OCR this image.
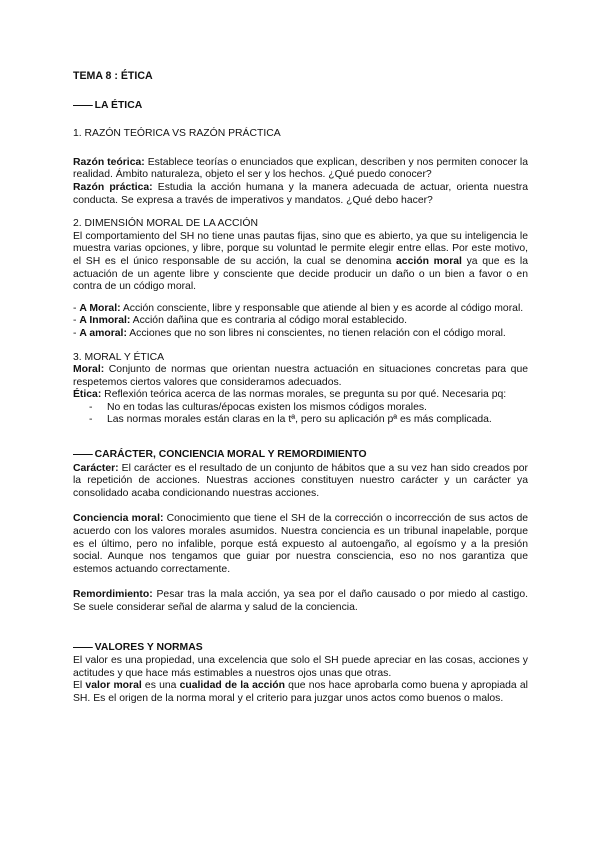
TEMA 8 : ÉTICA

—— LA ÉTICA

1. RAZÓN TEÓRICA VS RAZÓN PRÁCTICA

Razón teórica: Establece teorías o enunciados que explican, describen y nos permiten conocer la realidad. Ámbito naturaleza, objeto el ser y los hechos. ¿Qué puedo conocer?

Razón práctica: Estudia la acción humana y la manera adecuada de actuar, orienta nuestra conducta. Se expresa a través de imperativos y mandatos. ¿Qué debo hacer?

2. DIMENSIÓN MORAL DE LA ACCIÓN

El comportamiento del SH no tiene unas pautas fijas, sino que es abierto, ya que su inteligencia le muestra varias opciones, y libre, porque su voluntad le permite elegir entre ellas. Por este motivo, el SH es el único responsable de su acción, la cual se denomina acción moral ya que es la actuación de un agente libre y consciente que decide producir un daño o un bien a favor o en contra de un código moral.

- A Moral: Acción consciente, libre y responsable que atiende al bien y es acorde al código moral.

- A Inmoral: Acción dañina que es contraria al código moral establecido.

- A amoral: Acciones que no son libres ni conscientes, no tienen relación con el código moral.

3. MORAL Y ÉTICA

Moral: Conjunto de normas que orientan nuestra actuación en situaciones concretas para que respetemos ciertos valores que consideramos adecuados.

Ética: Reflexión teórica acerca de las normas morales, se pregunta su por qué. Necesaria pq:

- No en todas las culturas/épocas existen los mismos códigos morales.
- Las normas morales están claras en la tª, pero su aplicación pª es más complicada.

—— CARÁCTER, CONCIENCIA MORAL Y REMORDIMIENTO

Carácter: El carácter es el resultado de un conjunto de hábitos que a su vez han sido creados por la repetición de acciones. Nuestras acciones constituyen nuestro carácter y un carácter ya consolidado acaba condicionando nuestras acciones.

Conciencia moral: Conocimiento que tiene el SH de la corrección o incorrección de sus actos de acuerdo con los valores morales asumidos. Nuestra conciencia es un tribunal inapelable, porque es el último, pero no infalible, porque está expuesto al autoengaño, al egoísmo y a la presión social. Aunque nos tengamos que guiar por nuestra consciencia, eso no nos garantiza que estemos actuando correctamente.

Remordimiento: Pesar tras la mala acción, ya sea por el daño causado o por miedo al castigo. Se suele considerar señal de alarma y salud de la conciencia.

—— VALORES Y NORMAS

El valor es una propiedad, una excelencia que solo el SH puede apreciar en las cosas, acciones y actitudes y que hace más estimables a nuestros ojos unas que otras.

El valor moral es una cualidad de la acción que nos hace aprobarla como buena y apropiada al SH. Es el origen de la norma moral y el criterio para juzgar unos actos como buenos o malos.
